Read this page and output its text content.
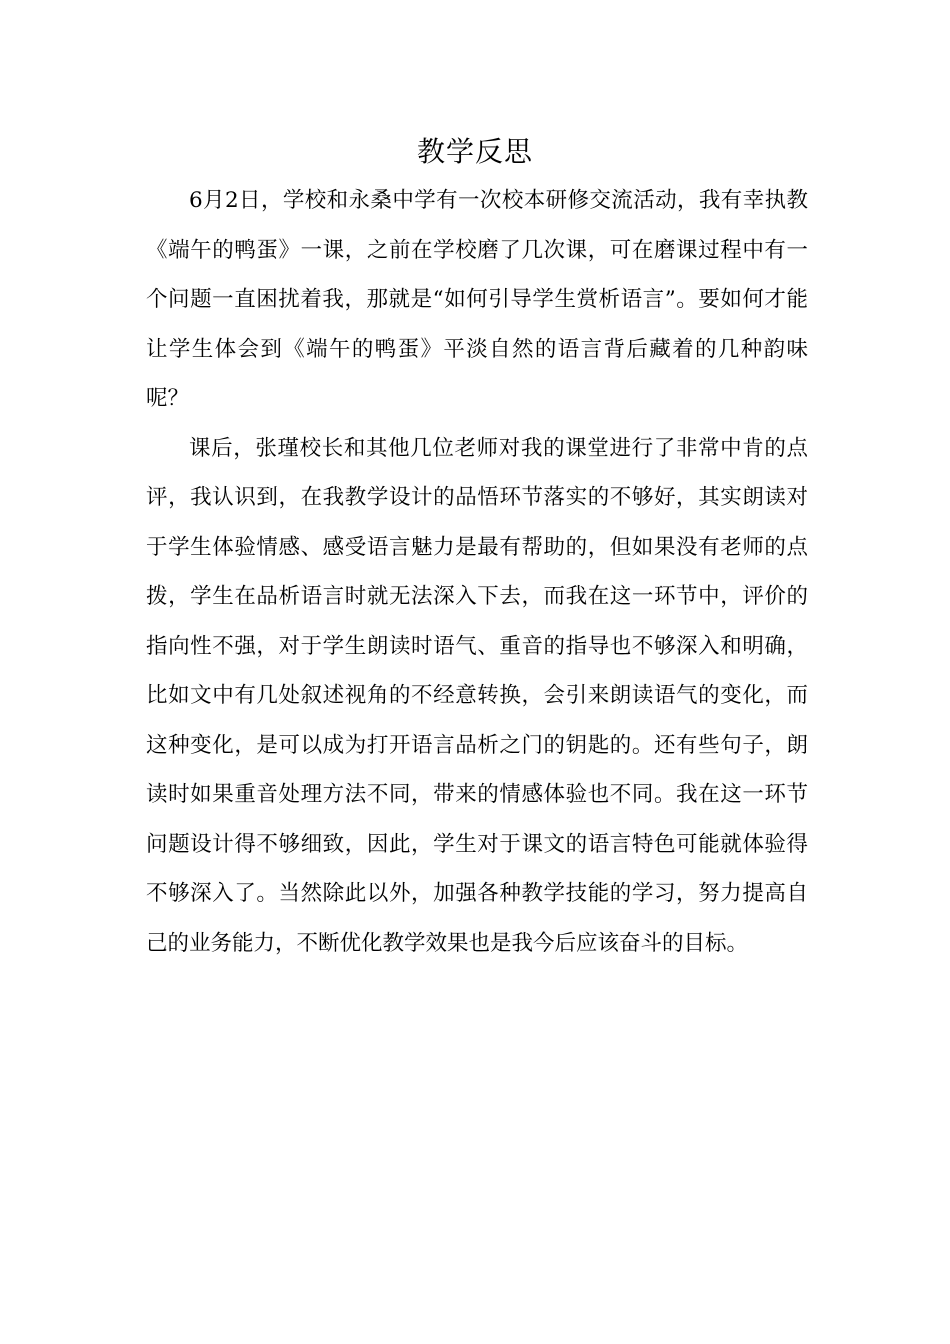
教学反思

6月2日，学校和永桑中学有一次校本研修交流活动，我有幸执教《端午的鸭蛋》一课，之前在学校磨了几次课，可在磨课过程中有一个问题一直困扰着我，那就是“如何引导学生赏析语言”。要如何才能让学生体会到《端午的鸭蛋》平淡自然的语言背后藏着的几种韵味呢？

课后，张瑾校长和其他几位老师对我的课堂进行了非常中肯的点评，我认识到，在我教学设计的品悟环节落实的不够好，其实朗读对于学生体验情感、感受语言魅力是最有帮助的，但如果没有老师的点拨，学生在品析语言时就无法深入下去，而我在这一环节中，评价的指向性不强，对于学生朗读时语气、重音的指导也不够深入和明确，比如文中有几处叙述视角的不经意转换，会引来朗读语气的变化，而这种变化，是可以成为打开语言品析之门的钥匙的。还有些句子，朗读时如果重音处理方法不同，带来的情感体验也不同。我在这一环节问题设计得不够细致，因此，学生对于课文的语言特色可能就体验得不够深入了。当然除此以外，加强各种教学技能的学习，努力提高自己的业务能力，不断优化教学效果也是我今后应该奋斗的目标。
